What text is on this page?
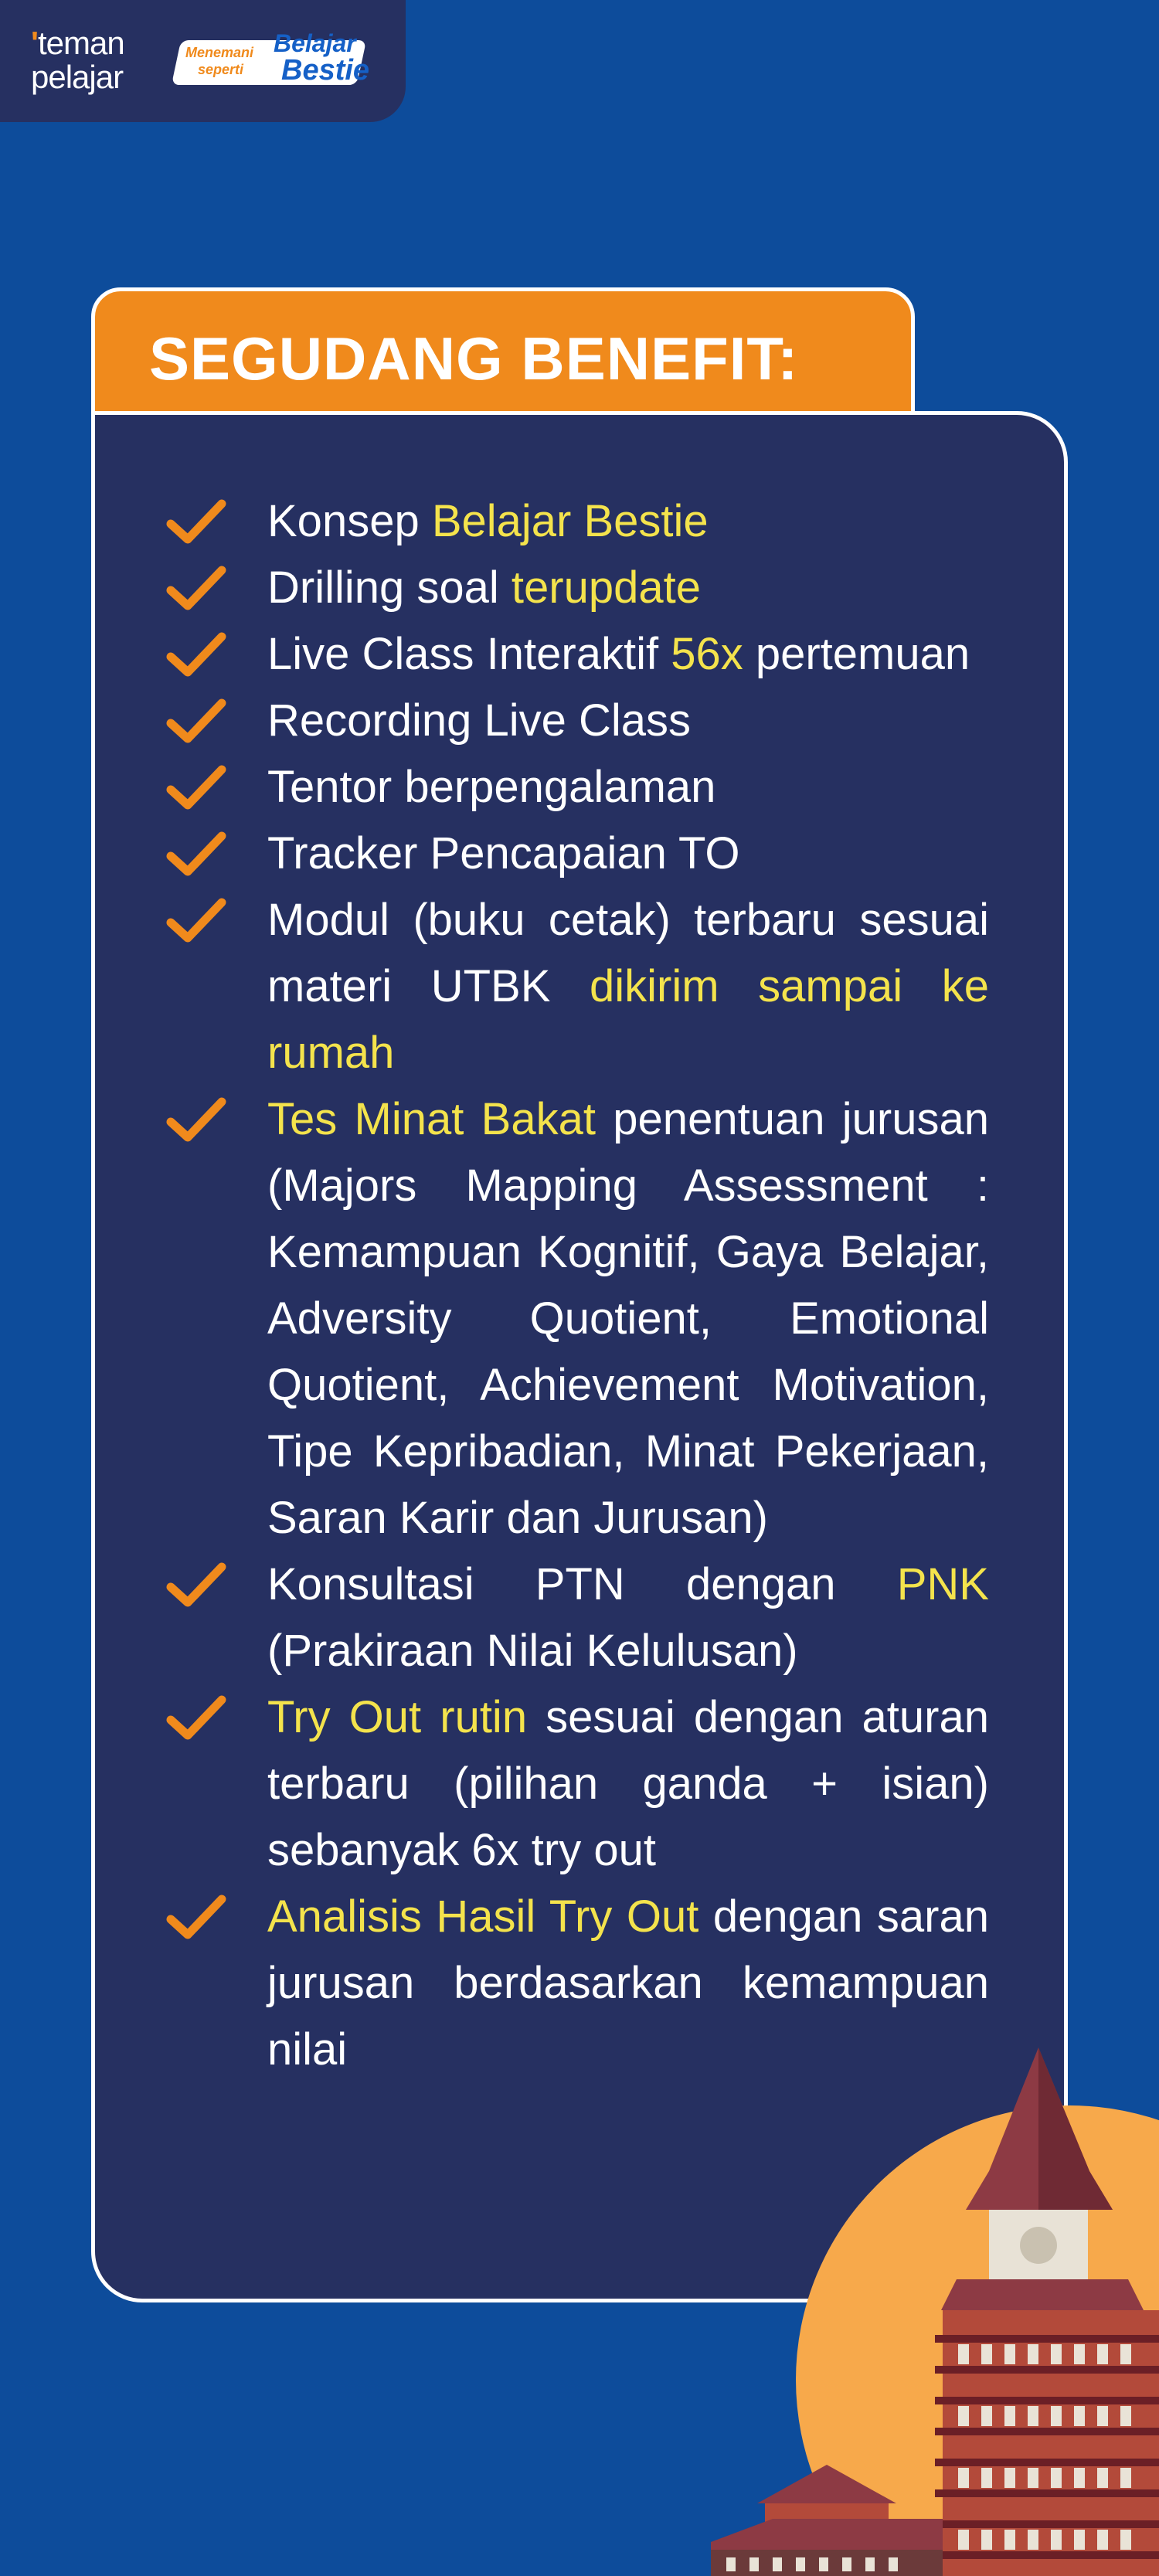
'teman
pelajar
Menemani
seperti
Belajar
Bestie
SEGUDANG BENEFIT:
Konsep Belajar Bestie
Drilling soal terupdate
Live Class Interaktif 56x pertemuan
Recording Live Class
Tentor berpengalaman
Tracker Pencapaian TO
Modul (buku cetak) terbaru sesuai materi UTBK dikirim sampai ke rumah
Tes Minat Bakat penentuan jurusan (Majors Mapping Assessment : Kemampuan Kognitif, Gaya Belajar, Adversity Quotient, Emotional Quotient, Achievement Motivation, Tipe Kepribadian, Minat Pekerjaan, Saran Karir dan Jurusan)
Konsultasi PTN dengan PNK (Prakiraan Nilai Kelulusan)
Try Out rutin sesuai dengan aturan terbaru (pilihan ganda + isian) sebanyak 6x try out
Analisis Hasil Try Out dengan saran jurusan berdasarkan kemampuan nilai
